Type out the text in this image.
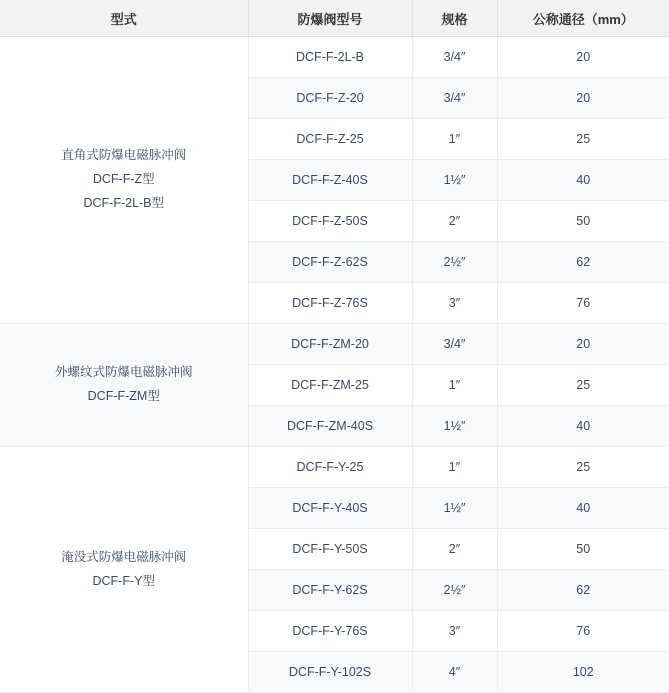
型式	防爆阀型号	规格	公称通径（mm）

直角式防爆电磁脉冲阀
DCF-F-Z型
DCF-F-2L-B型	DCF-F-2L-B	3/4″	20
	DCF-F-Z-20	3/4″	20
	DCF-F-Z-25	1″	25
	DCF-F-Z-40S	1½″	40
	DCF-F-Z-50S	2″	50
	DCF-F-Z-62S	2½″	62
	DCF-F-Z-76S	3″	76

外螺纹式防爆电磁脉冲阀
DCF-F-ZM型	DCF-F-ZM-20	3/4″	20
	DCF-F-ZM-25	1″	25
	DCF-F-ZM-40S	1½″	40

淹没式防爆电磁脉冲阀
DCF-F-Y型	DCF-F-Y-25	1″	25
	DCF-F-Y-40S	1½″	40
	DCF-F-Y-50S	2″	50
	DCF-F-Y-62S	2½″	62
	DCF-F-Y-76S	3″	76
	DCF-F-Y-102S	4″	102
